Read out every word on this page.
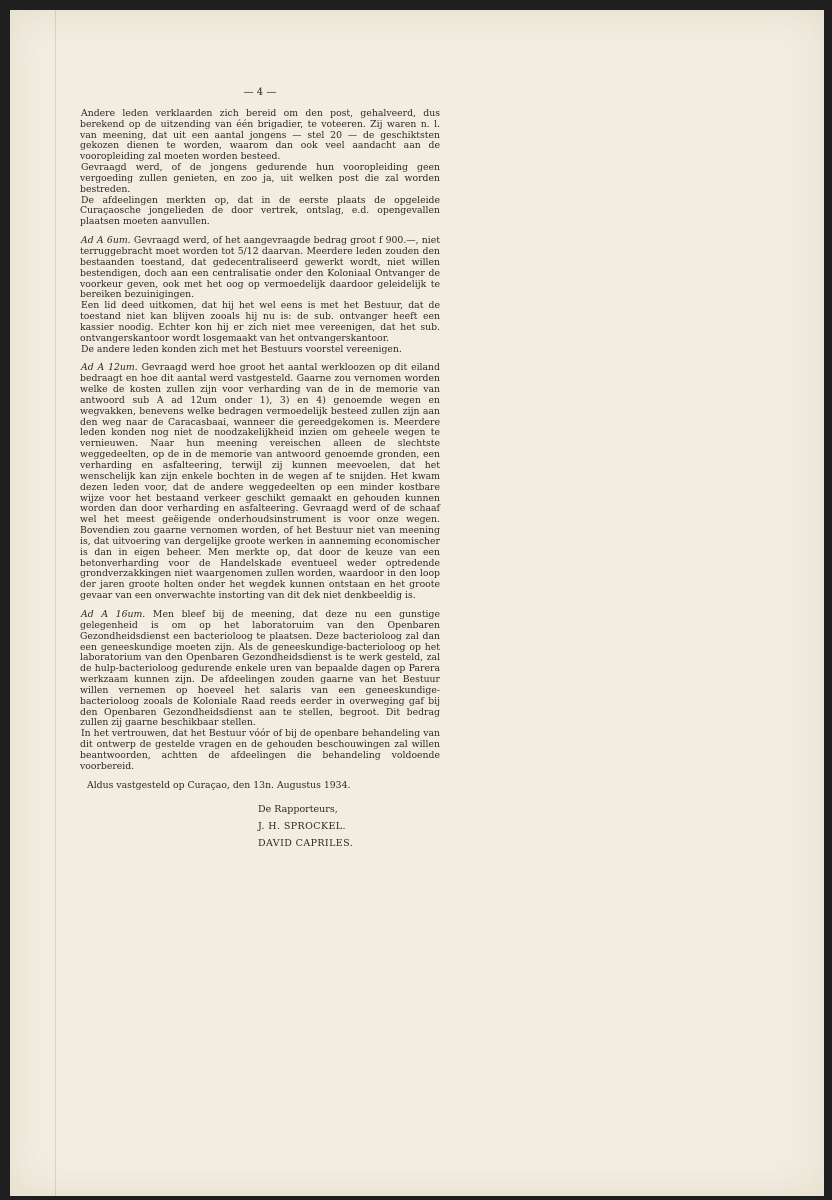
— 4 —

Andere leden verklaarden zich bereid om den post, gehalveerd, dus berekend op de uitzending van één brigadier, te voteeren. Zij waren n. l. van meening, dat uit een aantal jongens — stel 20 — de geschiktsten gekozen dienen te worden, waarom dan ook veel aandacht aan de vooropleiding zal moeten worden besteed.

Gevraagd werd, of de jongens gedurende hun vooropleiding geen vergoeding zullen genieten, en zoo ja, uit welken post die zal worden bestreden.

De afdeelingen merkten op, dat in de eerste plaats de opgeleide Curaçaosche jongelieden de door vertrek, ontslag, e.d. opengevallen plaatsen moeten aanvullen.

Ad A 6um. Gevraagd werd, of het aangevraagde bedrag groot f 900.—, niet terruggebracht moet worden tot 5/12 daarvan. Meerdere leden zouden den bestaanden toestand, dat gedecentraliseerd gewerkt wordt, niet willen bestendigen, doch aan een centralisatie onder den Koloniaal Ontvanger de voorkeur geven, ook met het oog op vermoedelijk daardoor geleidelijk te bereiken bezuinigingen.

Een lid deed uitkomen, dat hij het wel eens is met het Bestuur, dat de toestand niet kan blijven zooals hij nu is: de sub. ontvanger heeft een kassier noodig. Echter kon hij er zich niet mee vereenigen, dat het sub. ontvangerskantoor wordt losgemaakt van het ontvangerskantoor.

De andere leden konden zich met het Bestuurs voorstel vereenigen.

Ad A 12um. Gevraagd werd hoe groot het aantal werkloozen op dit eiland bedraagt en hoe dit aantal werd vastgesteld. Gaarne zou vernomen worden welke de kosten zullen zijn voor verharding van de in de memorie van antwoord sub A ad 12um onder 1), 3) en 4) genoemde wegen en wegvakken, benevens welke bedragen vermoedelijk besteed zullen zijn aan den weg naar de Caracasbaai, wanneer die gereedgekomen is. Meerdere leden konden nog niet de noodzakelijkheid inzien om geheele wegen te vernieuwen. Naar hun meening vereischen alleen de slechtste weggedeelten, op de in de memorie van antwoord genoemde gronden, een verharding en asfalteering, terwijl zij kunnen meevoelen, dat het wenschelijk kan zijn enkele bochten in de wegen af te snijden. Het kwam dezen leden voor, dat de andere weggedeelten op een minder kostbare wijze voor het bestaand verkeer geschikt gemaakt en gehouden kunnen worden dan door verharding en asfalteering. Gevraagd werd of de schaaf wel het meest geëigende onderhoudsinstrument is voor onze wegen. Bovendien zou gaarne vernomen worden, of het Bestuur niet van meening is, dat uitvoering van dergelijke groote werken in aanneming economischer is dan in eigen beheer. Men merkte op, dat door de keuze van een betonverharding voor de Handelskade eventueel weder optredende grondverzakkingen niet waargenomen zullen worden, waardoor in den loop der jaren groote holten onder het wegdek kunnen ontstaan en het groote gevaar van een onverwachte instorting van dit dek niet denkbeeldig is.

Ad A 16um. Men bleef bij de meening, dat deze nu een gunstige gelegenheid is om op het laboratoruim van den Openbaren Gezondheidsdienst een bacterioloog te plaatsen. Deze bacterioloog zal dan een geneeskundige moeten zijn. Als de geneeskundige-bacterioloog op het laboratorium van den Openbaren Gezondheidsdienst is te werk gesteld, zal de hulp-bacterioloog gedurende enkele uren van bepaalde dagen op Parera werkzaam kunnen zijn. De afdeelingen zouden gaarne van het Bestuur willen vernemen op hoeveel het salaris van een geneeskundige-bacterioloog zooals de Koloniale Raad reeds eerder in overweging gaf bij den Openbaren Gezondheidsdienst aan te stellen, begroot. Dit bedrag zullen zij gaarne beschikbaar stellen.

In het vertrouwen, dat het Bestuur vóór of bij de openbare behandeling van dit ontwerp de gestelde vragen en de gehouden beschouwingen zal willen beantwoorden, achtten de afdeelingen die behandeling voldoende voorbereid.

Aldus vastgesteld op Curaçao, den 13n. Augustus 1934.

De Rapporteurs,
J. H. SPROCKEL.
DAVID CAPRILES.
